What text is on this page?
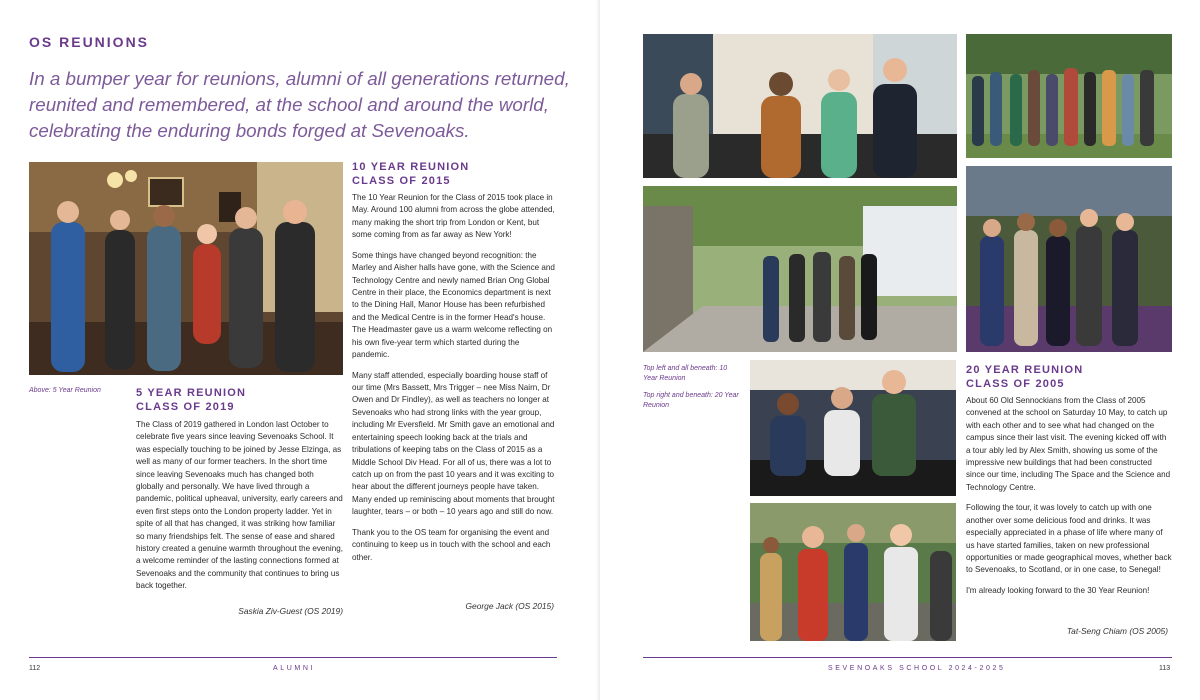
OS REUNIONS

In a bumper year for reunions, alumni of all generations returned, reunited and remembered, at the school and around the world, celebrating the enduring bonds forged at Sevenoaks.

Above: 5 Year Reunion	5 YEAR REUNION
CLASS OF 2019

The Class of 2019 gathered in London last October to celebrate five years since leaving Sevenoaks School. It was especially touching to be joined by Jesse Elzinga, as well as many of our former teachers. In the short time since leaving Sevenoaks much has changed both globally and personally. We have lived through a pandemic, political upheaval, university, early careers and even first steps onto the London property ladder. Yet in spite of all that has changed, it was striking how familiar so many friendships felt. The sense of ease and shared history created a genuine warmth throughout the evening, a welcome reminder of the lasting connections formed at Sevenoaks and the community that continues to bring us back together.

Saskia Ziv-Guest (OS 2019)
10 YEAR REUNION
CLASS OF 2015

The 10 Year Reunion for the Class of 2015 took place in May. Around 100 alumni from across the globe attended, many making the short trip from London or Kent, but some coming from as far away as New York!

Some things have changed beyond recognition: the Marley and Aisher halls have gone, with the Science and Technology Centre and newly named Brian Ong Global Centre in their place, the Economics department is next to the Dining Hall, Manor House has been refurbished and the Medical Centre is in the former Head's house. The Headmaster gave us a warm welcome reflecting on his own five-year term which started during the pandemic.

Many staff attended, especially boarding house staff of our time (Mrs Bassett, Mrs Trigger – nee Miss Nairn, Dr Owen and Dr Findley), as well as teachers no longer at Sevenoaks who had strong links with the year group, including Mr Eversfield. Mr Smith gave an emotional and entertaining speech looking back at the trials and tribulations of keeping tabs on the Class of 2015 as a Middle School Div Head. For all of us, there was a lot to catch up on from the past 10 years and it was exciting to hear about the different journeys people have taken. Many ended up reminiscing about moments that brought laughter, tears – or both – 10 years ago and still do now.

Thank you to the OS team for organising the event and continuing to keep us in touch with the school and each other.

George Jack (OS 2015)
112	ALUMNI

Top left and all beneath: 10 Year Reunion

Top right and beneath: 20 Year Reunion

20 YEAR REUNION
CLASS OF 2005

About 60 Old Sennockians from the Class of 2005 convened at the school on Saturday 10 May, to catch up with each other and to see what had changed on the campus since their last visit. The evening kicked off with a tour ably led by Alex Smith, showing us some of the impressive new buildings that had been constructed since our time, including The Space and the Science and Technology Centre.

Following the tour, it was lovely to catch up with one another over some delicious food and drinks. It was especially appreciated in a phase of life where many of us have started families, taken on new professional opportunities or made geographical moves, whether back to Sevenoaks, to Scotland, or in one case, to Senegal!

I'm already looking forward to the 30 Year Reunion!

Tat-Seng Chiam (OS 2005)
SEVENOAKS SCHOOL 2024-2025	113
